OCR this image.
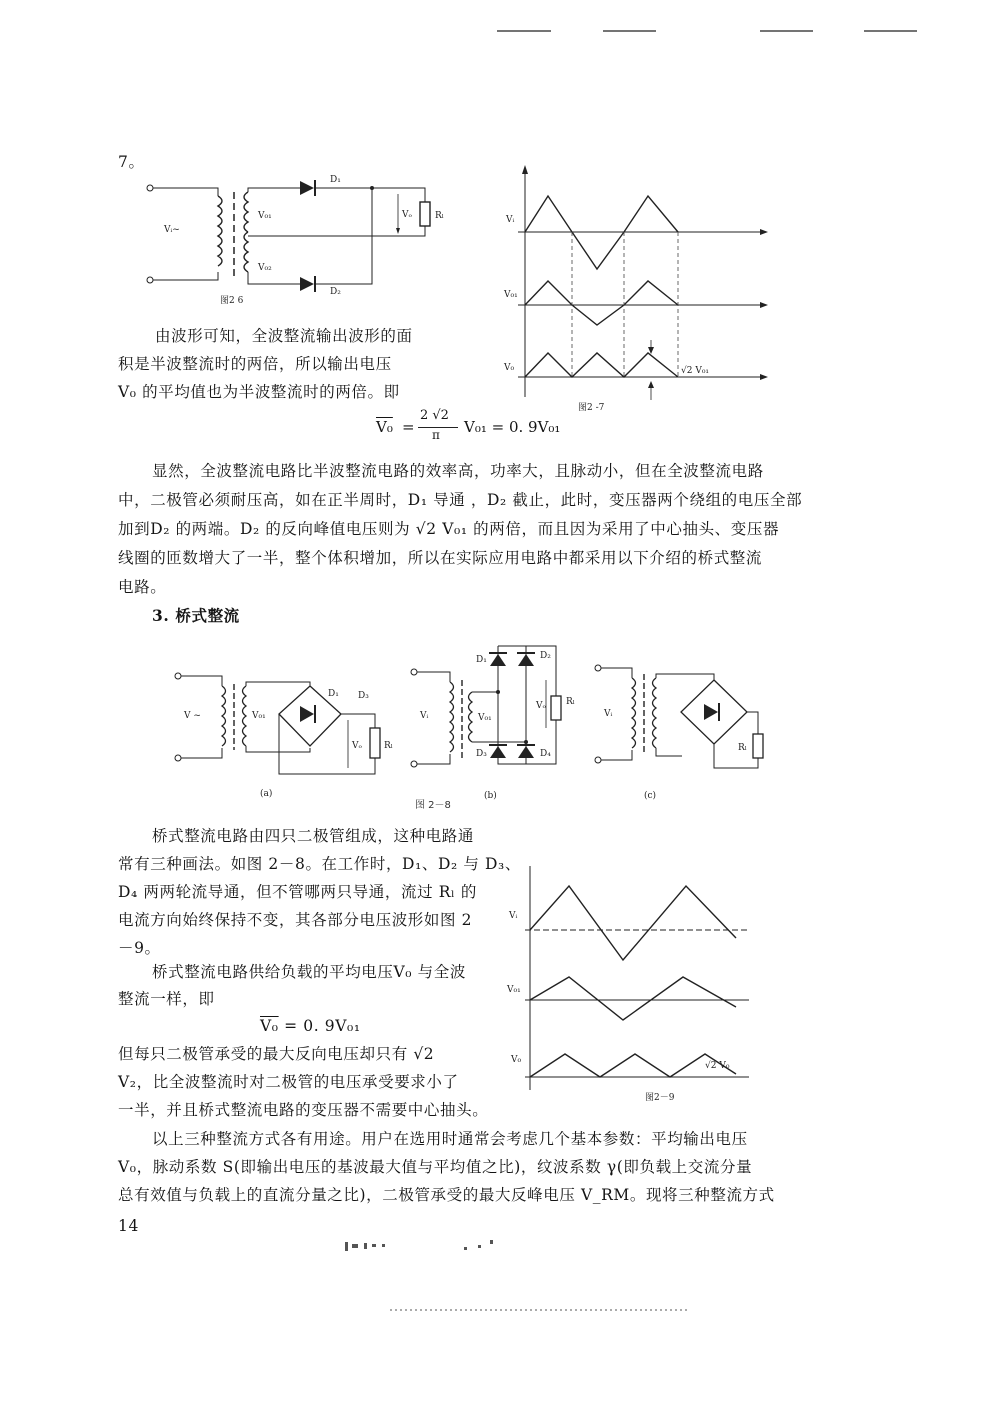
7。
Vᵢ~
V₀₁
V₀₂
D₁
D₂
Vₒ	Rₗ
图2 6
Vᵢ
V₀₁
V₀	√2 V₀₁
图2 -7
由波形可知，全波整流输出波形的面
积是半波整流时的两倍，所以输出电压
V₀ 的平均值也为半波整流时的两倍。即
V₀ =
2 √2
π V₀₁ = 0. 9V₀₁
显然，全波整流电路比半波整流电路的效率高，功率大，且脉动小，但在全波整流电路
中，二极管必须耐压高，如在正半周时，D₁ 导通 ，D₂ 截止，此时，变压器两个绕组的电压全部
加到D₂ 的两端。D₂ 的反向峰值电压则为 √2 V₀₁ 的两倍，而且因为采用了中心抽头、变压器
线圈的匝数增大了一半，整个体积增加，所以在实际应用电路中都采用以下介绍的桥式整流
电路。
3. 桥式整流
V ~	V₀₁
D₁ D₃
Vₒ Rₗ
(a)
Vᵢ	V₀₁
D₁	D₂
D₃	D₄
Vₒ Rₗ
(b)
Vᵢ
Rₗ
(c)
图 2－8
桥式整流电路由四只二极管组成，这种电路通
常有三种画法。如图 2－8。在工作时，D₁、D₂ 与 D₃、
D₄ 两两轮流导通，但不管哪两只导通，流过 Rₗ 的
电流方向始终保持不变，其各部分电压波形如图 2
－9。
桥式整流电路供给负载的平均电压V₀ 与全波
整流一样，即
V₀ = 0. 9V₀₁
但每只二极管承受的最大反向电压却只有 √2
V₂，比全波整流时对二极管的电压承受要求小了
一半，并且桥式整流电路的变压器不需要中心抽头。
Vᵢ
V₀₁
V₀
√2 V₀
图2－9
以上三种整流方式各有用途。用户在选用时通常会考虑几个基本参数：平均输出电压
V₀，脉动系数 S(即输出电压的基波最大值与平均值之比)，纹波系数 γ(即负载上交流分量
总有效值与负载上的直流分量之比)，二极管承受的最大反峰电压 V_RM。现将三种整流方式
14
